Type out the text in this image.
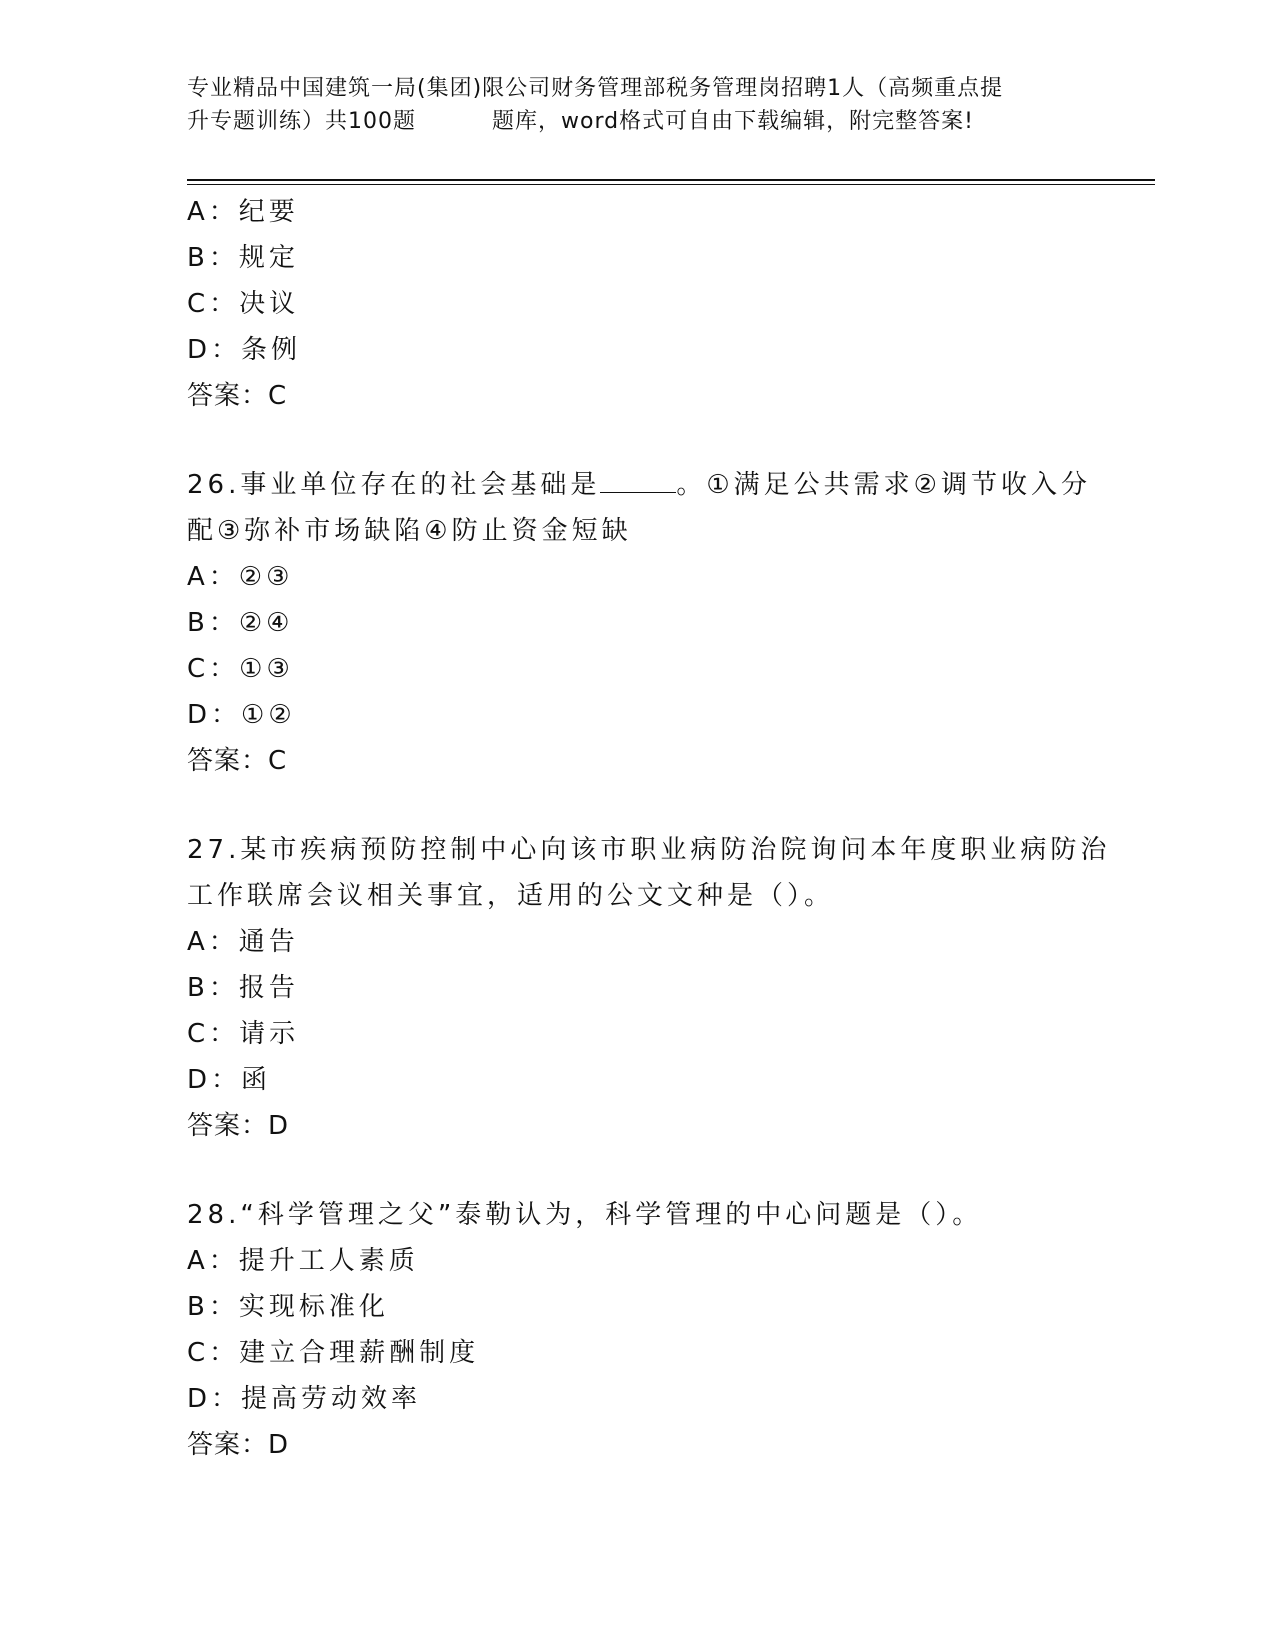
专业精品中国建筑一局(集团)限公司财务管理部税务管理岗招聘1人（高频重点提
升专题训练）共100题	题库，word格式可自由下载编辑，附完整答案!
A：纪要
B：规定
C：决议
D：条例
答案：C
26.事业单位存在的社会基础是	。①满足公共需求②调节收入分
配③弥补市场缺陷④防止资金短缺
A：②③
B：②④
C：①③
D：①②
答案：C
27.某市疾病预防控制中心向该市职业病防治院询问本年度职业病防治
工作联席会议相关事宜，适用的公文文种是（）。
A：通告
B：报告
C：请示
D：函
答案：D
28.“科学管理之父”泰勒认为，科学管理的中心问题是（）。
A：提升工人素质
B：实现标准化
C：建立合理薪酬制度
D：提高劳动效率
答案：D
